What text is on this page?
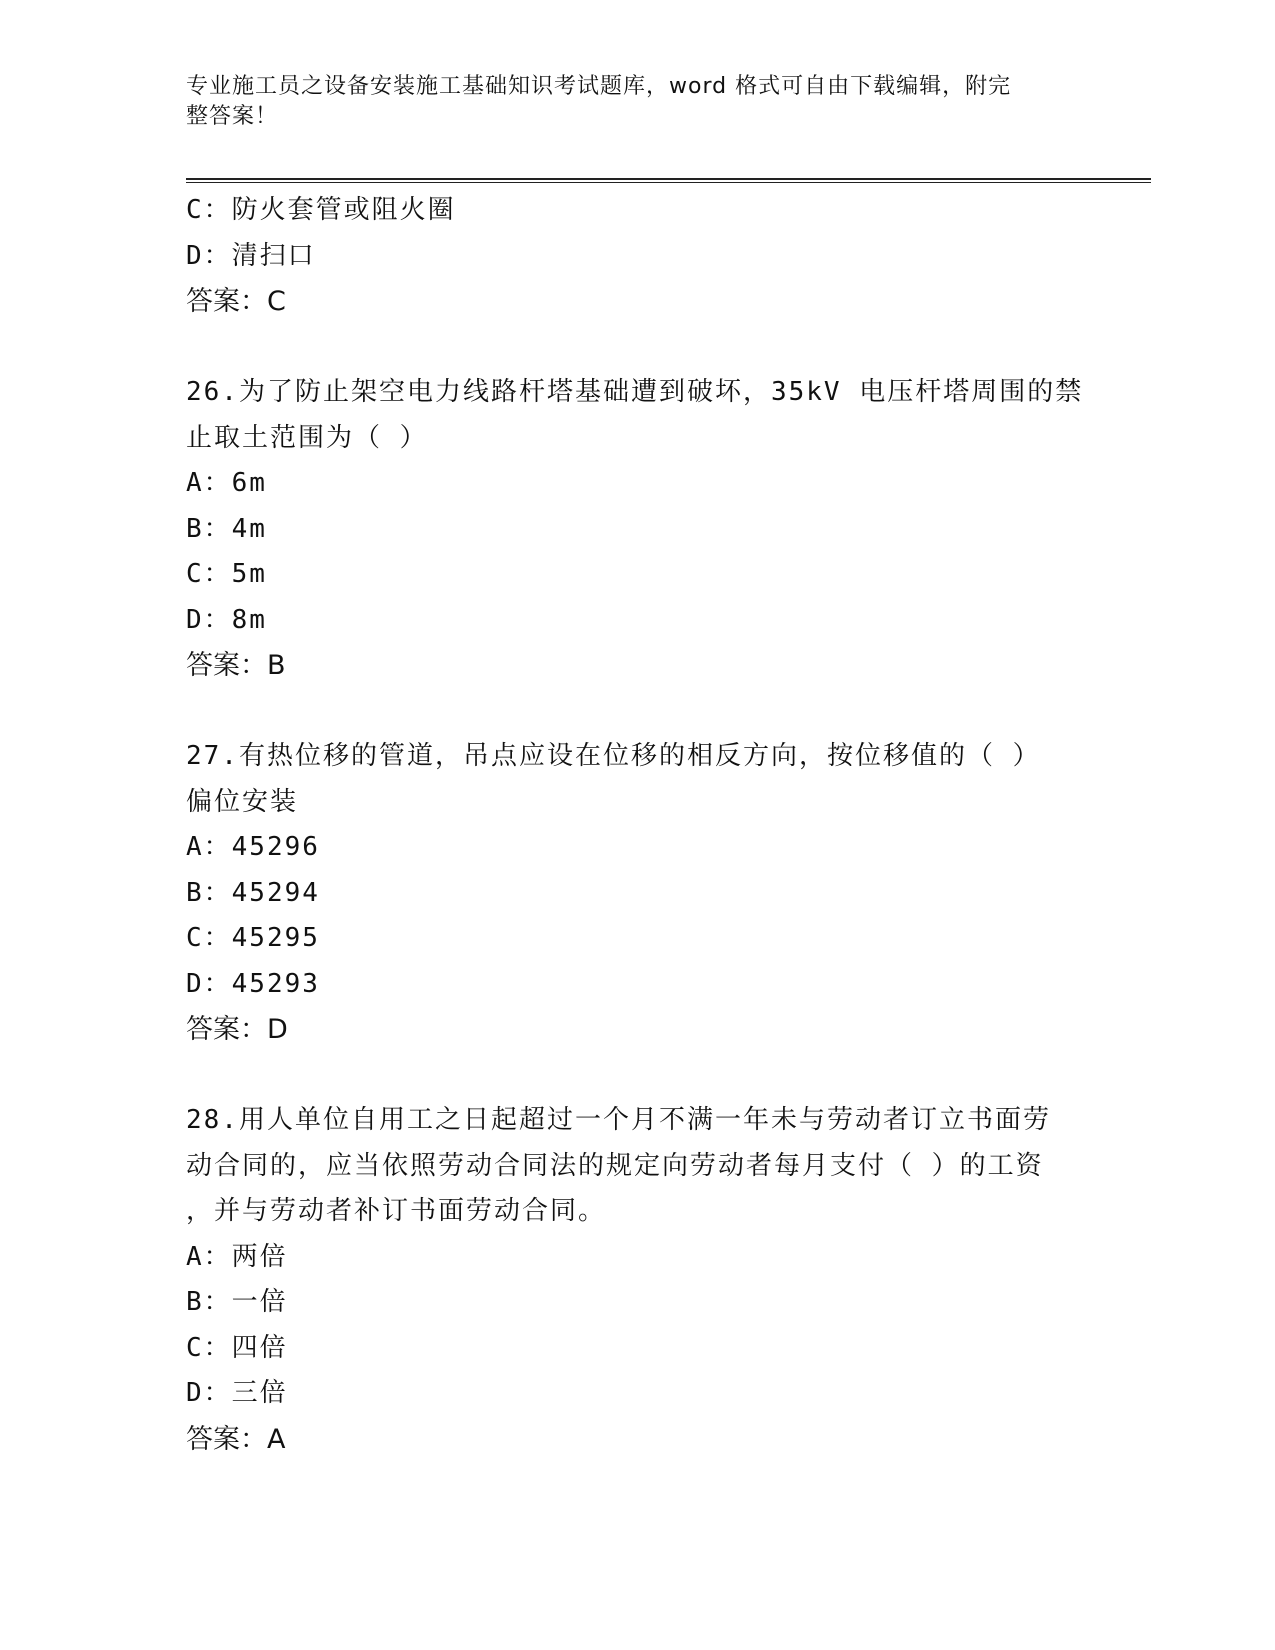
专业施工员之设备安装施工基础知识考试题库，word 格式可自由下载编辑，附完
整答案！
C：防火套管或阻火圈
D：清扫口
答案：C
26.为了防止架空电力线路杆塔基础遭到破坏，35kV 电压杆塔周围的禁
止取土范围为（ ）
A：6m
B：4m
C：5m
D：8m
答案：B
27.有热位移的管道，吊点应设在位移的相反方向，按位移值的（ ）
偏位安装
A：45296
B：45294
C：45295
D：45293
答案：D
28.用人单位自用工之日起超过一个月不满一年未与劳动者订立书面劳
动合同的，应当依照劳动合同法的规定向劳动者每月支付（ ）的工资
，并与劳动者补订书面劳动合同。
A：两倍
B：一倍
C：四倍
D：三倍
答案：A
